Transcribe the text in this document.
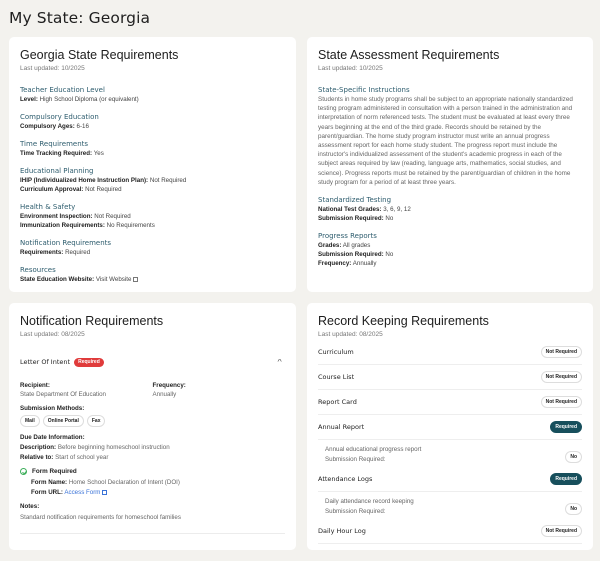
My State: Georgia
Georgia State Requirements
Last updated: 10/2025
Teacher Education Level
Level: High School Diploma (or equivalent)
Compulsory Education
Compulsory Ages: 6-16
Time Requirements
Time Tracking Required: Yes
Educational Planning
IHIP (Individualized Home Instruction Plan): Not Required
Curriculum Approval: Not Required
Health & Safety
Environment Inspection: Not Required
Immunization Requirements: No Requirements
Notification Requirements
Requirements: Required
Resources
State Education Website: Visit Website
State Assessment Requirements
Last updated: 10/2025
State-Specific Instructions
Students in home study programs shall be subject to an appropriate nationally standardized testing program administered in consultation with a person trained in the administration and interpretation of norm referenced tests. The student must be evaluated at least every three years beginning at the end of the third grade. Records should be retained by the parent/guardian. The home study program instructor must write an annual progress assessment report for each home study student. The progress report must include the instructor's individualized assessment of the student's academic progress in each of the subject areas required by law (reading, language arts, mathematics, social studies, and science). Progress reports must be retained by the parent/guardian of children in the home study program for a period of at least three years.
Standardized Testing
National Test Grades: 3, 6, 9, 12
Submission Required: No
Progress Reports
Grades: All grades
Submission Required: No
Frequency: Annually
Notification Requirements
Last updated: 08/2025
Letter Of Intent	Required	^
Recipient:
State Department Of Education
Frequency:
Annually
Submission Methods:
Mail	Online Portal	Fax
Due Date Information:
Description: Before beginning homeschool instruction
Relative to: Start of school year
Form Required
Form Name: Home School Declaration of Intent (DOI)
Form URL: Access Form
Notes:
Standard notification requirements for homeschool families
Record Keeping Requirements
Last updated: 08/2025
Curriculum	Not Required
Course List	Not Required
Report Card	Not Required
Annual Report	Required
Annual educational progress report
Submission Required:	No
Attendance Logs	Required
Daily attendance record keeping
Submission Required:	No
Daily Hour Log	Not Required
